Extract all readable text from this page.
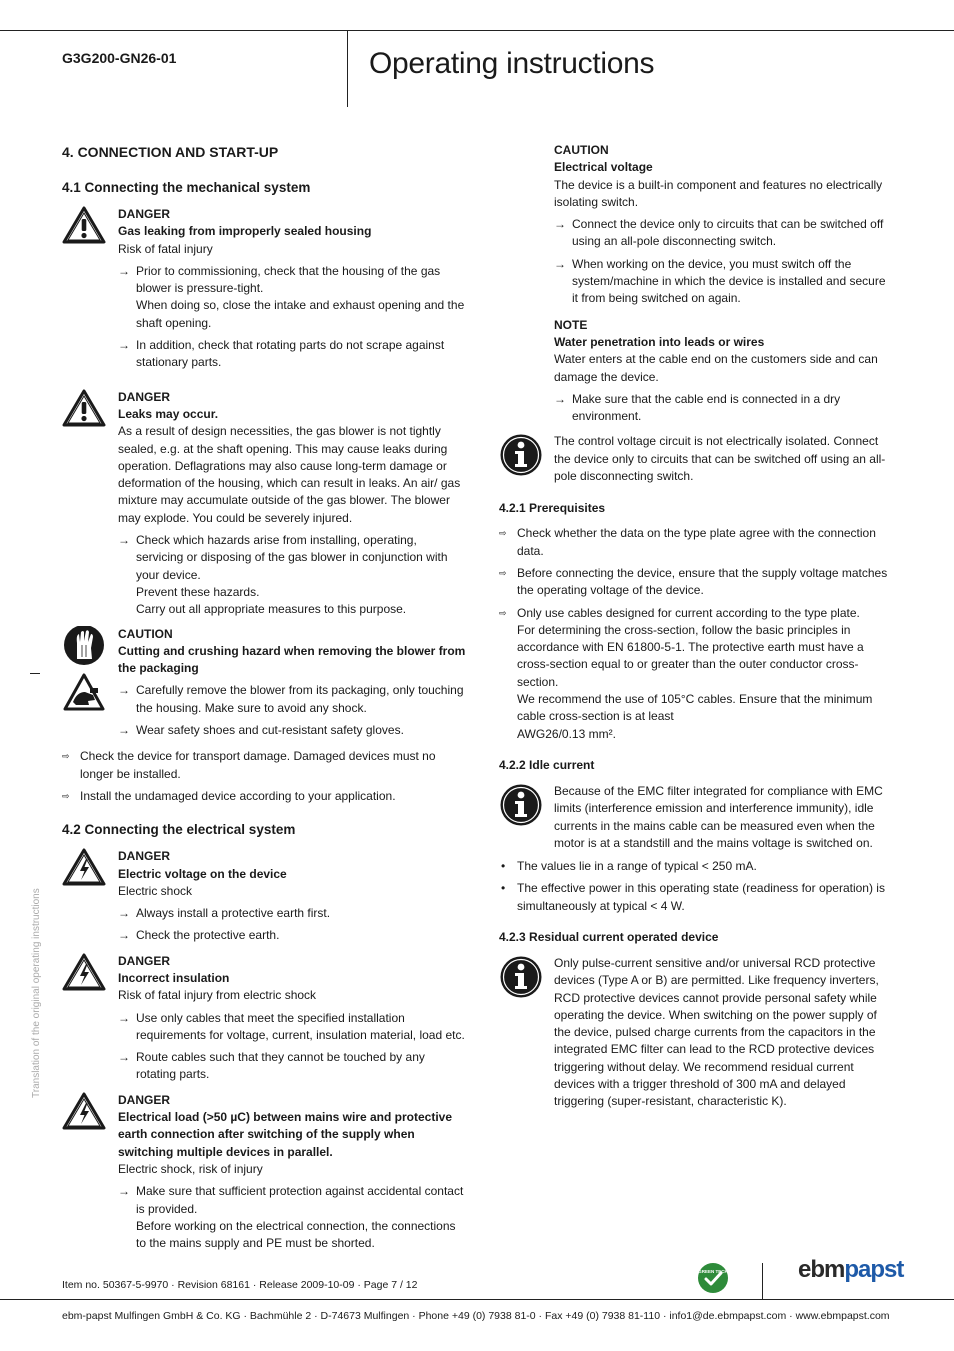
G3G200-GN26-01	Operating instructions
Translation of the original operating instructions
4. CONNECTION AND START-UP
4.1 Connecting the mechanical system
DANGER
Gas leaking from improperly sealed housing
Risk of fatal injury

→ Prior to commissioning, check that the housing of the gas blower is pressure-tight.

When doing so, close the intake and exhaust opening and the shaft opening.

→ In addition, check that rotating parts do not scrape against stationary parts.

DANGER
Leaks may occur.
As a result of design necessities, the gas blower is not tightly sealed, e.g. at the shaft opening. This may cause leaks during operation. Deflagrations may also cause long-term damage or deformation of the housing, which can result in leaks. An air/ gas mixture may accumulate outside of the gas blower. The blower may explode. You could be severely injured.

→ Check which hazards arise from installing, operating, servicing or disposing of the gas blower in conjunction with your device.

Prevent these hazards.

Carry out all appropriate measures to this purpose.

CAUTION
Cutting and crushing hazard when removing the blower from the packaging

→ Carefully remove the blower from its packaging, only touching the housing. Make sure to avoid any shock.

→ Wear safety shoes and cut-resistant safety gloves.

⇨ Check the device for transport damage. Damaged devices must no longer be installed.
⇨ Install the undamaged device according to your application.
4.2 Connecting the electrical system
DANGER
Electric voltage on the device
Electric shock

→ Always install a protective earth first.

→ Check the protective earth.

DANGER
Incorrect insulation
Risk of fatal injury from electric shock

→ Use only cables that meet the specified installation requirements for voltage, current, insulation material, load etc.

→ Route cables such that they cannot be touched by any rotating parts.

DANGER
Electrical load (>50 µC) between mains wire and protective earth connection after switching of the supply when switching multiple devices in parallel.
Electric shock, risk of injury

→ Make sure that sufficient protection against accidental contact is provided.

Before working on the electrical connection, the connections to the mains supply and PE must be shorted.

CAUTION
Electrical voltage
The device is a built-in component and features no electrically isolating switch.

→ Connect the device only to circuits that can be switched off using an all-pole disconnecting switch.

→ When working on the device, you must switch off the system/machine in which the device is installed and secure it from being switched on again.

NOTE
Water penetration into leads or wires
Water enters at the cable end on the customers side and can damage the device.

→ Make sure that the cable end is connected in a dry environment.

The control voltage circuit is not electrically isolated. Connect the device only to circuits that can be switched off using an all-pole disconnecting switch.
4.2.1 Prerequisites
⇨ Check whether the data on the type plate agree with the connection data.
⇨ Before connecting the device, ensure that the supply voltage matches the operating voltage of the device.
⇨ Only use cables designed for current according to the type plate.
For determining the cross-section, follow the basic principles in accordance with EN 61800-5-1. The protective earth must have a cross-section equal to or greater than the outer conductor cross-section.
We recommend the use of 105°C cables. Ensure that the minimum cable cross-section is at least
AWG26/0.13 mm².
4.2.2 Idle current
Because of the EMC filter integrated for compliance with EMC limits (interference emission and interference immunity), idle currents in the mains cable can be measured even when the motor is at a standstill and the mains voltage is switched on.
• The values lie in a range of typical < 250 mA.
• The effective power in this operating state (readiness for operation) is simultaneously at typical < 4 W.
4.2.3 Residual current operated device
Only pulse-current sensitive and/or universal RCD protective devices (Type A or B) are permitted. Like frequency inverters, RCD protective devices cannot provide personal safety while operating the device. When switching on the power supply of the device, pulsed charge currents from the capacitors in the integrated EMC filter can lead to the RCD protective devices triggering without delay. We recommend residual current devices with a trigger threshold of 300 mA and delayed triggering (super-resistant, characteristic K).
Item no. 50367-5-9970 · Revision 68161 · Release 2009-10-09 · Page 7 / 12
GREEN TECH	ebmpapst
ebm-papst Mulfingen GmbH & Co. KG · Bachmühle 2 · D-74673 Mulfingen · Phone +49 (0) 7938 81-0 · Fax +49 (0) 7938 81-110 · info1@de.ebmpapst.com · www.ebmpapst.com
